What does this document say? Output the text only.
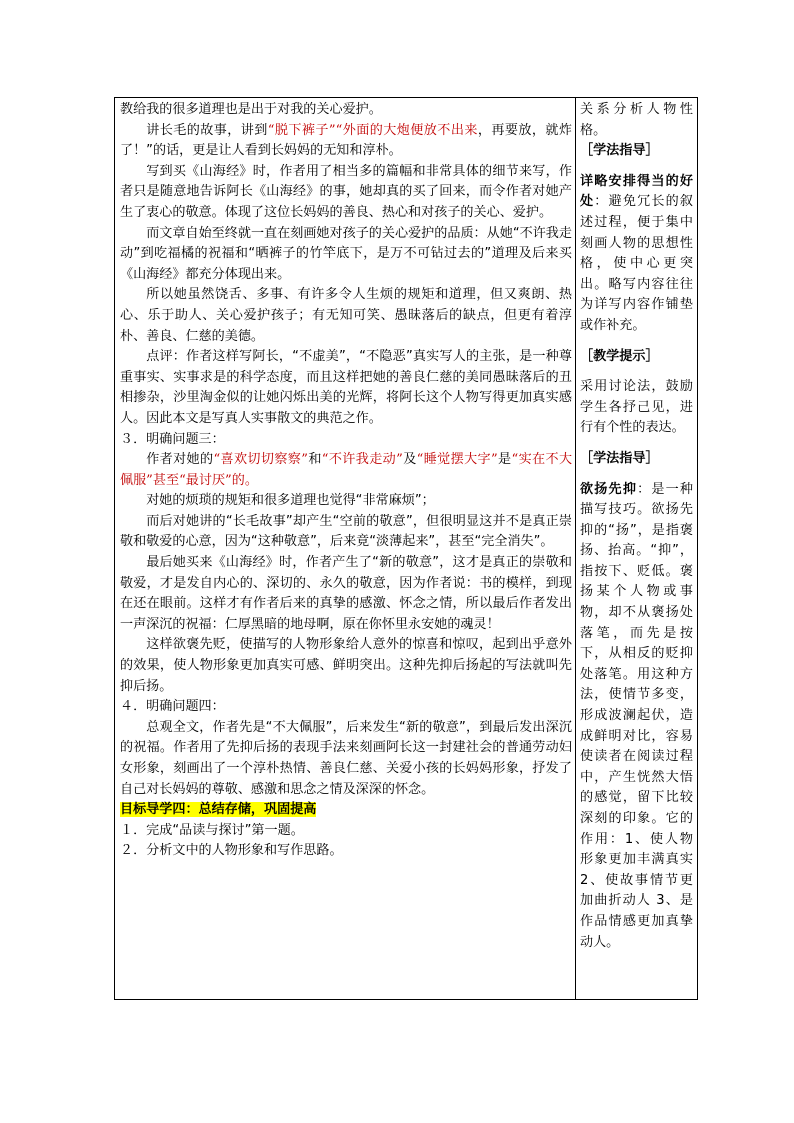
教给我的很多道理也是出于对我的关心爱护。

讲长毛的故事，讲到“脱下裤子”“外面的大炮便放不出来，再要放，就炸了！”的话，更是让人看到长妈妈的无知和淳朴。

写到买《山海经》时，作者用了相当多的篇幅和非常具体的细节来写，作者只是随意地告诉阿长《山海经》的事，她却真的买了回来，而令作者对她产生了衷心的敬意。体现了这位长妈妈的善良、热心和对孩子的关心、爱护。

而文章自始至终就一直在刻画她对孩子的关心爱护的品质：从她“不许我走动”到吃福橘的祝福和“晒裤子的竹竿底下，是万不可钻过去的”道理及后来买《山海经》都充分体现出来。

所以她虽然饶舌、多事、有许多令人生烦的规矩和道理，但又爽朗、热心、乐于助人、关心爱护孩子；有无知可笑、愚昧落后的缺点，但更有着淳朴、善良、仁慈的美德。

点评：作者这样写阿长，“不虚美”，“不隐恶”真实写人的主张，是一种尊重事实、实事求是的科学态度，而且这样把她的善良仁慈的美同愚昧落后的丑相掺杂，沙里淘金似的让她闪烁出美的光辉，将阿长这个人物写得更加真实感人。因此本文是写真人实事散文的典范之作。

３．明确问题三：

作者对她的“喜欢切切察察”和“不许我走动”及“睡觉摆大字”是“实在不大佩服”甚至“最讨厌”的。

对她的烦琐的规矩和很多道理也觉得“非常麻烦”；

而后对她讲的“长毛故事”却产生“空前的敬意”，但很明显这并不是真正崇敬和敬爱的心意，因为“这种敬意”，后来竟“淡薄起来”，甚至“完全消失”。

最后她买来《山海经》时，作者产生了“新的敬意”，这才是真正的崇敬和敬爱，才是发自内心的、深切的、永久的敬意，因为作者说：书的模样，到现在还在眼前。这样才有作者后来的真挚的感激、怀念之情，所以最后作者发出一声深沉的祝福：仁厚黑暗的地母啊，原在你怀里永安她的魂灵！

这样欲褒先贬，使描写的人物形象给人意外的惊喜和惊叹，起到出乎意外的效果，使人物形象更加真实可感、鲜明突出。这种先抑后扬起的写法就叫先抑后扬。

４．明确问题四：

总观全文，作者先是“不大佩服”，后来发生“新的敬意”，到最后发出深沉的祝福。作者用了先抑后扬的表现手法来刻画阿长这一封建社会的普通劳动妇女形象，刻画出了一个淳朴热情、善良仁慈、关爱小孩的长妈妈形象，抒发了自己对长妈妈的尊敬、感激和思念之情及深深的怀念。

目标导学四：总结存储，巩固提高

１．完成“品读与探讨”第一题。

２．分析文中的人物形象和写作思路。

关系分析人物性格。

［学法指导］

详略安排得当的好处：避免冗长的叙述过程，便于集中刻画人物的思想性格，使中心更突出。略写内容往往为详写内容作铺垫或作补充。

［教学提示］

采用讨论法，鼓励学生各抒己见，进行有个性的表达。

［学法指导］

欲扬先抑：是一种描写技巧。欲扬先抑的“扬”，是指褒扬、抬高。“抑”，指按下、贬低。褒扬某个人物或事物，却不从褒扬处落笔，而先是按下，从相反的贬抑处落笔。用这种方法，使情节多变，形成波澜起伏，造成鲜明对比，容易使读者在阅读过程中，产生恍然大悟的感觉，留下比较深刻的印象。它的作用：1、使人物形象更加丰满真实 2、使故事情节更加曲折动人 3、是作品情感更加真挚动人。
